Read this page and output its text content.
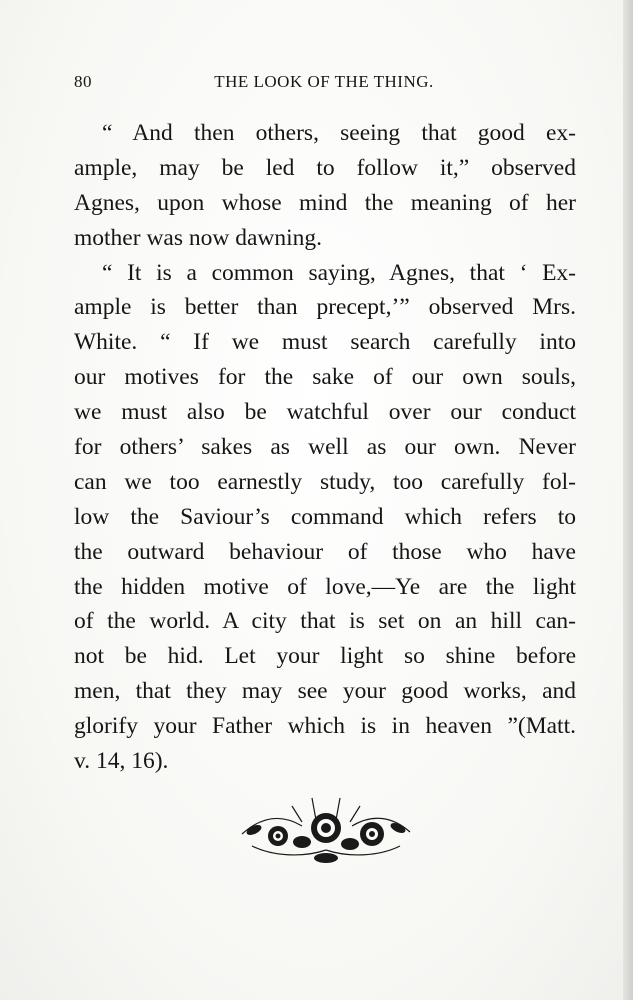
80	THE LOOK OF THE THING.
“ And then others, seeing that good ex-
ample, may be led to follow it,” observed
Agnes, upon whose mind the meaning of her
mother was now dawning.
“ It is a common saying, Agnes, that ‘ Ex-
ample is better than precept,’” observed Mrs.
White. “ If we must search carefully into
our motives for the sake of our own souls,
we must also be watchful over our conduct
for others’ sakes as well as our own. Never
can we too earnestly study, too carefully fol-
low the Saviour’s command which refers to
the outward behaviour of those who have
the hidden motive of love,—Ye are the light
of the world. A city that is set on an hill can-
not be hid. Let your light so shine before
men, that they may see your good works, and
glorify your Father which is in heaven ”(Matt.
v. 14, 16).
